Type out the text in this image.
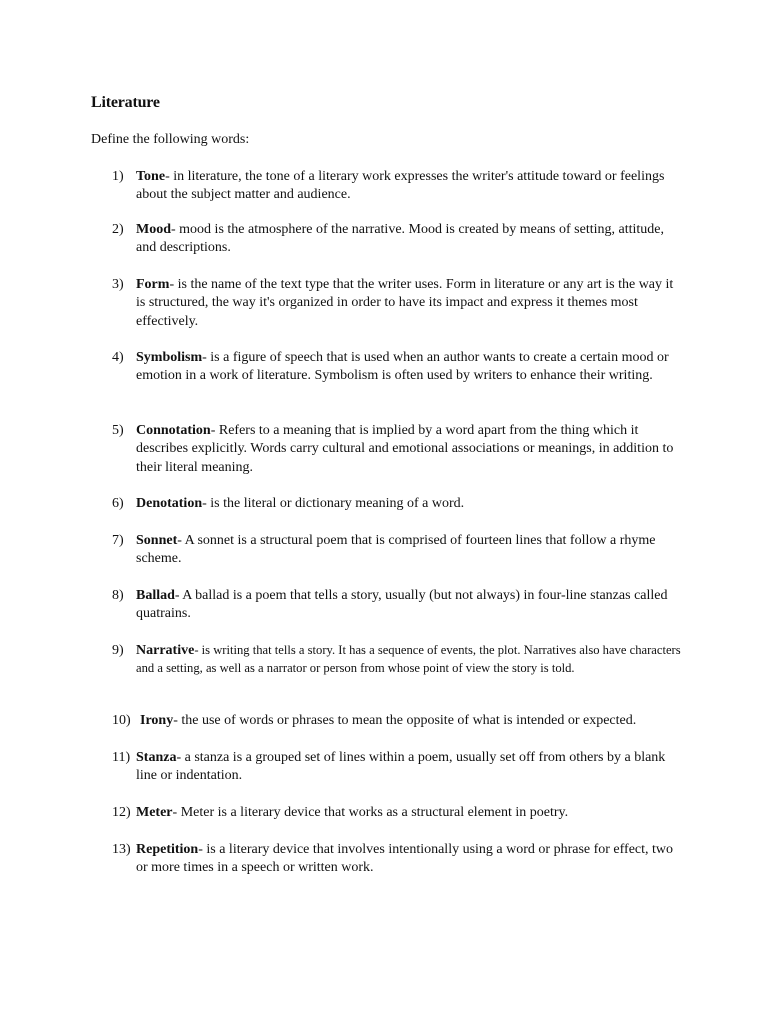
Literature
Define the following words:
1) Tone- in literature, the tone of a literary work expresses the writer's attitude toward or feelings about the subject matter and audience.
2) Mood- mood is the atmosphere of the narrative. Mood is created by means of setting, attitude, and descriptions.
3) Form- is the name of the text type that the writer uses. Form in literature or any art is the way it is structured, the way it's organized in order to have its impact and express it themes most effectively.
4) Symbolism- is a figure of speech that is used when an author wants to create a certain mood or emotion in a work of literature. Symbolism is often used by writers to enhance their writing.
5) Connotation- Refers to a meaning that is implied by a word apart from the thing which it describes explicitly. Words carry cultural and emotional associations or meanings, in addition to their literal meaning.
6) Denotation- is the literal or dictionary meaning of a word.
7) Sonnet- A sonnet is a structural poem that is comprised of fourteen lines that follow a rhyme scheme.
8) Ballad- A ballad is a poem that tells a story, usually (but not always) in four-line stanzas called quatrains.
9) Narrative- is writing that tells a story. It has a sequence of events, the plot. Narratives also have characters and a setting, as well as a narrator or person from whose point of view the story is told.
10) Irony- the use of words or phrases to mean the opposite of what is intended or expected.
11) Stanza- a stanza is a grouped set of lines within a poem, usually set off from others by a blank line or indentation.
12) Meter- Meter is a literary device that works as a structural element in poetry.
13) Repetition- is a literary device that involves intentionally using a word or phrase for effect, two or more times in a speech or written work.
